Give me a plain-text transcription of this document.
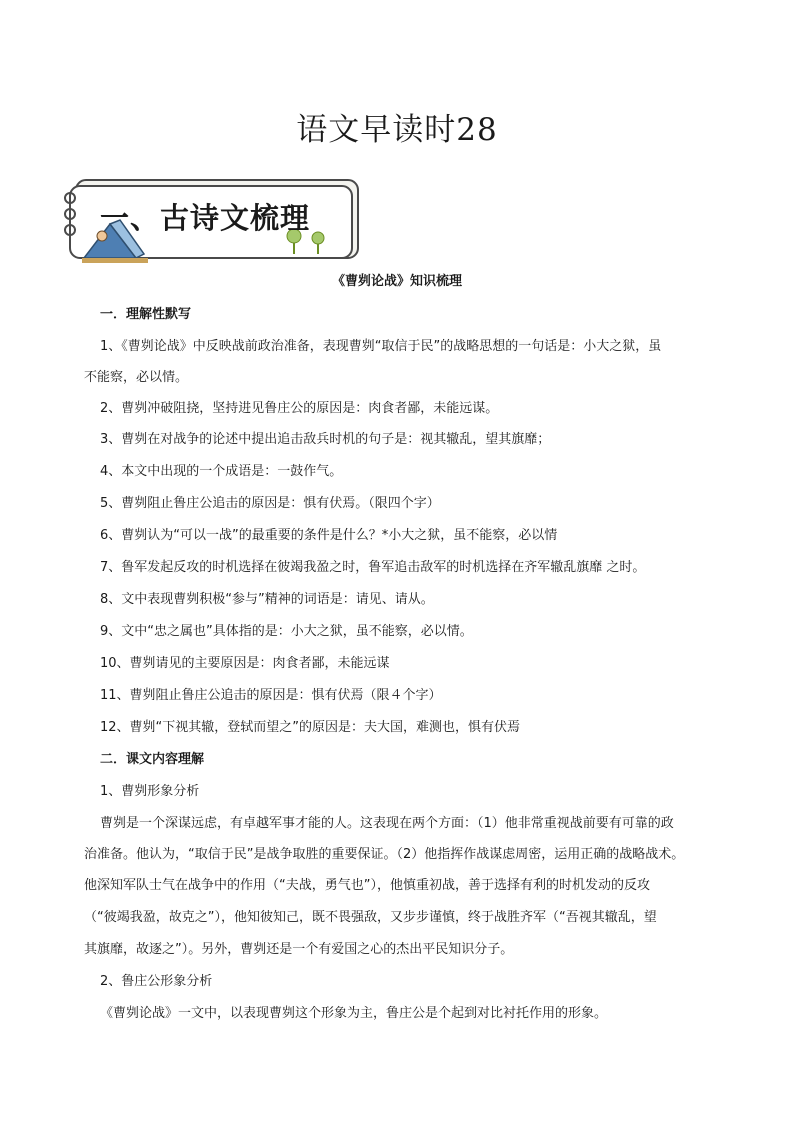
语文早读时28
一、古诗文梳理
《曹刿论战》知识梳理
一．理解性默写
1、《曹刿论战》中反映战前政治准备，表现曹刿“取信于民”的战略思想的一句话是：小大之狱，虽
不能察，必以情。
2、曹刿冲破阻挠，坚持进见鲁庄公的原因是：肉食者鄙，未能远谋。
3、曹刿在对战争的论述中提出追击敌兵时机的句子是：视其辙乱，望其旗靡；
4、本文中出现的一个成语是：一鼓作气。
5、曹刿阻止鲁庄公追击的原因是：惧有伏焉。（限四个字）
6、曹刿认为“可以一战”的最重要的条件是什么？*小大之狱，虽不能察，必以情
7、鲁军发起反攻的时机选择在彼竭我盈之时，鲁军追击敌军的时机选择在齐军辙乱旗靡 之时。
8、文中表现曹刿积极“参与”精神的词语是：请见、请从。
9、文中“忠之属也”具体指的是：小大之狱，虽不能察，必以情。
10、曹刿请见的主要原因是：肉食者鄙，未能远谋
11、曹刿阻止鲁庄公追击的原因是：惧有伏焉（限４个字）
12、曹刿“下视其辙，登轼而望之”的原因是：夫大国，难测也，惧有伏焉
二．课文内容理解
1、曹刿形象分析
曹刿是一个深谋远虑，有卓越军事才能的人。这表现在两个方面：（1）他非常重视战前要有可靠的政
治准备。他认为，“取信于民”是战争取胜的重要保证。（2）他指挥作战谋虑周密，运用正确的战略战术。
他深知军队士气在战争中的作用（“夫战，勇气也”），他慎重初战，善于选择有利的时机发动的反攻
（“彼竭我盈，故克之”），他知彼知己，既不畏强敌，又步步谨慎，终于战胜齐军（“吾视其辙乱，望
其旗靡，故逐之”）。另外，曹刿还是一个有爱国之心的杰出平民知识分子。
2、鲁庄公形象分析
《曹刿论战》一文中，以表现曹刿这个形象为主，鲁庄公是个起到对比衬托作用的形象。
